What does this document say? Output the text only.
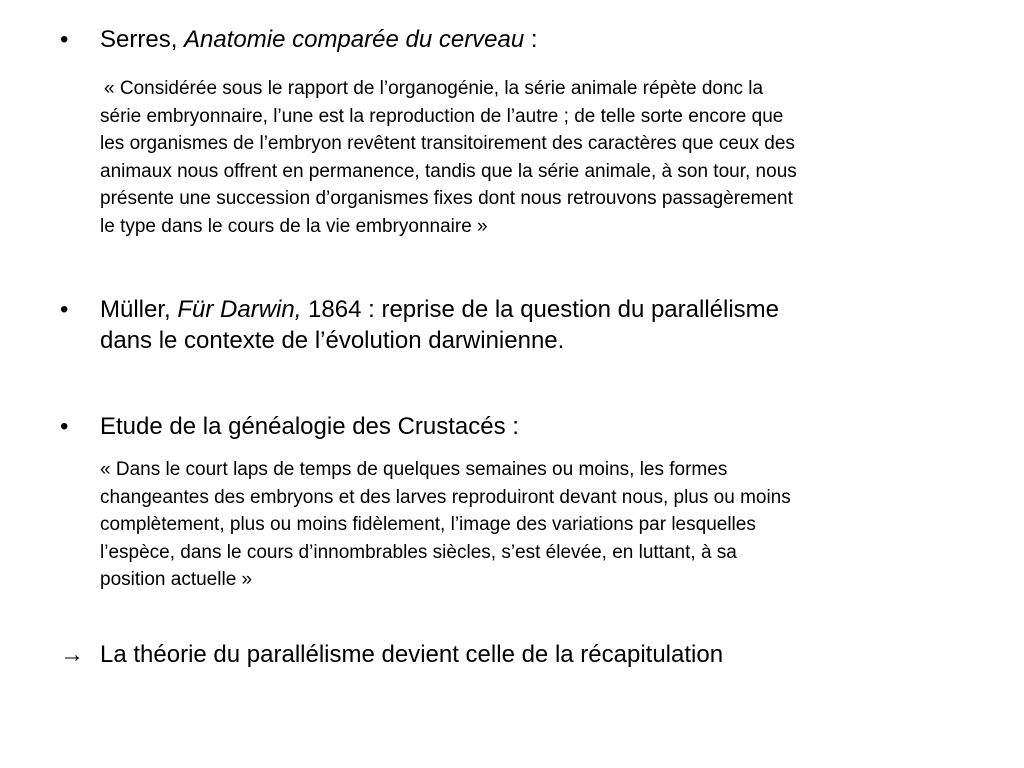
• Serres, Anatomie comparée du cerveau :
« Considérée sous le rapport de l’organogénie, la série animale répète donc la
série embryonnaire, l’une est la reproduction de l’autre ; de telle sorte encore que
les organismes de l’embryon revêtent transitoirement des caractères que ceux des
animaux nous offrent en permanence, tandis que la série animale, à son tour, nous
présente une succession d’organismes fixes dont nous retrouvons passagèrement
le type dans le cours de la vie embryonnaire »
• Müller, Für Darwin, 1864 : reprise de la question du parallélisme
dans le contexte de l’évolution darwinienne.
• Etude de la généalogie des Crustacés :
« Dans le court laps de temps de quelques semaines ou moins, les formes
changeantes des embryons et des larves reproduiront devant nous, plus ou moins
complètement, plus ou moins fidèlement, l’image des variations par lesquelles
l’espèce, dans le cours d’innombrables siècles, s’est élevée, en luttant, à sa
position actuelle »
→ La théorie du parallélisme devient celle de la récapitulation
